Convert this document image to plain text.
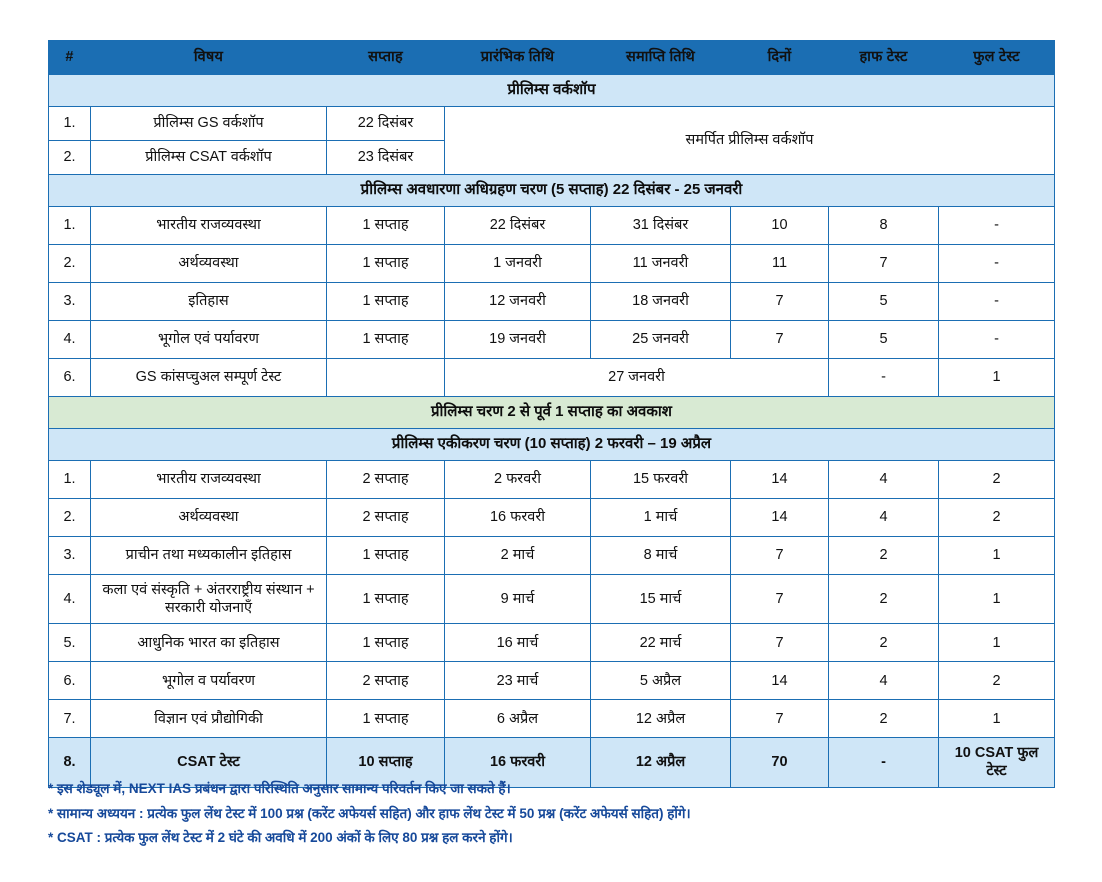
#	विषय	सप्ताह	प्रारंभिक तिथि	समाप्ति तिथि	दिनों	हाफ टेस्ट	फुल टेस्ट
प्रीलिम्स वर्कशॉप							
1.	प्रीलिम्स GS वर्कशॉप	22 दिसंबर	समर्पित प्रीलिम्स वर्कशॉप				
2.	प्रीलिम्स CSAT वर्कशॉप	23 दिसंबर					
प्रीलिम्स अवधारणा अधिग्रहण चरण (5 सप्ताह) 22 दिसंबर - 25 जनवरी							
1.	भारतीय राजव्यवस्था	1 सप्ताह	22 दिसंबर	31 दिसंबर	10	8	-
2.	अर्थव्यवस्था	1 सप्ताह	1 जनवरी	11 जनवरी	11	7	-
3.	इतिहास	1 सप्ताह	12 जनवरी	18 जनवरी	7	5	-
4.	भूगोल एवं पर्यावरण	1 सप्ताह	19 जनवरी	25 जनवरी	7	5	-
6.	GS कांसप्चुअल सम्पूर्ण टेस्ट		27 जनवरी			-	1
प्रीलिम्स चरण 2 से पूर्व 1 सप्ताह का अवकाश							
प्रीलिम्स एकीकरण चरण (10 सप्ताह) 2 फरवरी – 19 अप्रैल							
1.	भारतीय राजव्यवस्था	2 सप्ताह	2 फरवरी	15 फरवरी	14	4	2
2.	अर्थव्यवस्था	2 सप्ताह	16 फरवरी	1 मार्च	14	4	2
3.	प्राचीन तथा मध्यकालीन इतिहास	1 सप्ताह	2 मार्च	8 मार्च	7	2	1
4.	कला एवं संस्कृति + अंतरराष्ट्रीय संस्थान + सरकारी योजनाएँ	1 सप्ताह	9 मार्च	15 मार्च	7	2	1
5.	आधुनिक भारत का इतिहास	1 सप्ताह	16 मार्च	22 मार्च	7	2	1
6.	भूगोल व पर्यावरण	2 सप्ताह	23 मार्च	5 अप्रैल	14	4	2
7.	विज्ञान एवं प्रौद्योगिकी	1 सप्ताह	6 अप्रैल	12 अप्रैल	7	2	1
8.	CSAT टेस्ट	10 सप्ताह	16 फरवरी	12 अप्रैल	70	-	10 CSAT फुल टेस्ट

* इस शेड्यूल में, NEXT IAS प्रबंधन द्वारा परिस्थिति अनुसार सामान्य परिवर्तन किए जा सकते हैं।

* सामान्य अध्ययन : प्रत्येक फुल लेंथ टेस्ट में 100 प्रश्न (करेंट अफेयर्स सहित) और हाफ लेंथ टेस्ट में 50 प्रश्न (करेंट अफेयर्स सहित) होंगे।

* CSAT : प्रत्येक फुल लेंथ टेस्ट में 2 घंटे की अवधि में 200 अंकों के लिए 80 प्रश्न हल करने होंगे।
